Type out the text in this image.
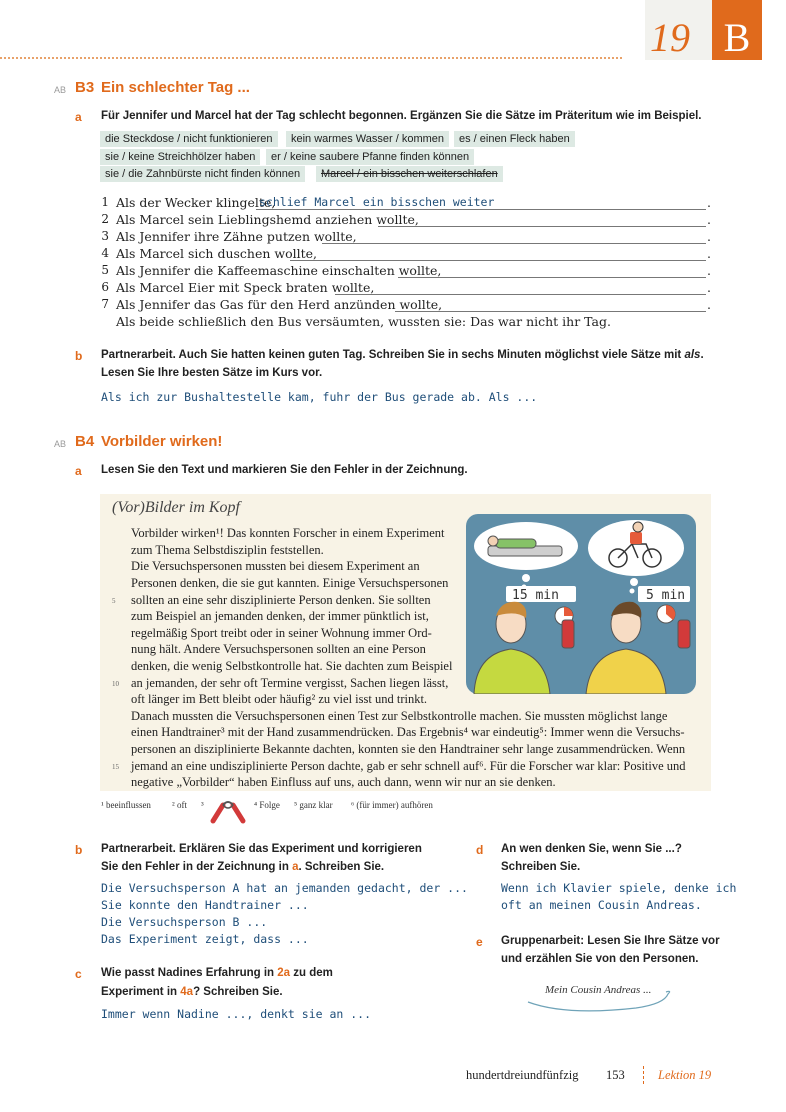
19 B
AB B3 Ein schlechter Tag ...
a Für Jennifer und Marcel hat der Tag schlecht begonnen. Ergänzen Sie die Sätze im Präteritum wie im Beispiel.
die Steckdose / nicht funktionieren	kein warmes Wasser / kommen	es / einen Fleck haben
sie / keine Streichhölzer haben	er / keine saubere Pfanne finden können
sie / die Zahnbürste nicht finden können	Marcel / ein bisschen weiterschlafen
1 Als der Wecker klingelte,
schlief Marcel ein bisschen weiter	.
2 Als Marcel sein Lieblingshemd anziehen wollte,	.
3 Als Jennifer ihre Zähne putzen wollte,	.
4 Als Marcel sich duschen wollte,	.
5 Als Jennifer die Kaffeemaschine einschalten wollte,	.
6 Als Marcel Eier mit Speck braten wollte,	.
7 Als Jennifer das Gas für den Herd anzünden wollte,	.
Als beide schließlich den Bus versäumten, wussten sie: Das war nicht ihr Tag.
b Partnerarbeit. Auch Sie hatten keinen guten Tag. Schreiben Sie in sechs Minuten möglichst viele Sätze mit als.
Lesen Sie Ihre besten Sätze im Kurs vor.
Als ich zur Bushaltestelle kam, fuhr der Bus gerade ab. Als ...
AB B4 Vorbilder wirken!
a Lesen Sie den Text und markieren Sie den Fehler in der Zeichnung.
(Vor)Bilder im Kopf
Vorbilder wirken¹! Das konnten Forscher in einem Experiment
zum Thema Selbstdisziplin feststellen.
Die Versuchspersonen mussten bei diesem Experiment an
Personen denken, die sie gut kannten. Einige Versuchspersonen
5 sollten an eine sehr disziplinierte Person denken. Sie sollten
zum Beispiel an jemanden denken, der immer pünktlich ist,
regelmäßig Sport treibt oder in seiner Wohnung immer Ord-
nung hält. Andere Versuchspersonen sollten an eine Person
denken, die wenig Selbstkontrolle hat. Sie dachten zum Beispiel
10 an jemanden, der sehr oft Termine vergisst, Sachen liegen lässt,
oft länger im Bett bleibt oder häufig² zu viel isst und trinkt.
Danach mussten die Versuchspersonen einen Test zur Selbstkontrolle machen. Sie mussten möglichst lange
einen Handtrainer³ mit der Hand zusammendrücken. Das Ergebnis⁴ war eindeutig⁵: Immer wenn die Versuchs-
personen an disziplinierte Bekannte dachten, konnten sie den Handtrainer sehr lange zusammendrücken. Wenn
15 jemand an eine undisziplinierte Person dachte, gab er sehr schnell auf⁶. Für die Forscher war klar: Positive und
negative „Vorbilder“ haben Einfluss auf uns, auch dann, wenn wir nur an sie denken.
15 min	5 min
¹ beeinflussen ² oft ³	⁴ Folge ⁵ ganz klar ⁶ (für immer) aufhören
b Partnerarbeit. Erklären Sie das Experiment und korrigieren
Sie den Fehler in der Zeichnung in a. Schreiben Sie.
Die Versuchsperson A hat an jemanden gedacht, der ...
Sie konnte den Handtrainer ...
Die Versuchsperson B ...
Das Experiment zeigt, dass ...
c Wie passt Nadines Erfahrung in 2a zu dem
Experiment in 4a? Schreiben Sie.
Immer wenn Nadine ..., denkt sie an ...
d An wen denken Sie, wenn Sie ...?
Schreiben Sie.
Wenn ich Klavier spiele, denke ich
oft an meinen Cousin Andreas.
e Gruppenarbeit: Lesen Sie Ihre Sätze vor
und erzählen Sie von den Personen.
Mein Cousin Andreas ...
hundertdreiundfünfzig 153	Lektion 19
